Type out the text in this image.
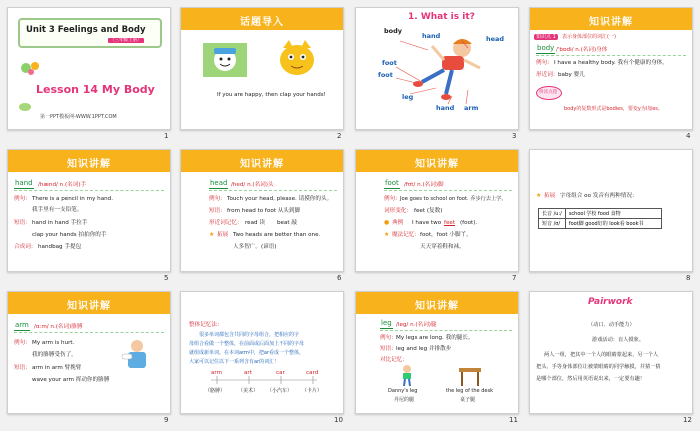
Unit 3 Feelings and Body
（三年级上册）
Lesson 14 My Body
第一PPT模板网-WWW.1PPT.COM
1
话题导入
If you are happy, then clap your hands!
2
1. What is it?
body
hand	head
foot
foot
leg
hand arm
3
知识讲解
知识点 1	表示身体部位的词汇(一)
body /'bɒdi/ n.(名词)身体
例句： I have a healthy body. 我有个健康的身体。
形近词： baby 婴儿
拼读点拨
body的复数形式是bodies，要变y为i加es。
4
知识讲解
hand /hænd/ n.(名词)手
例句： There is a pencil in my hand.
我手里有一支铅笔。
短语： hand in hand 手拉手
clap your hands 拍拍你的手
合成词： handbag 手提包
5
知识讲解
head /hed/ n.(名词)头
例句： Touch your head, please. 请摸你的头。
短语： from head to foot 从头到脚
形近词记忆： read 读 beat 敲
★ 拓展 Two heads are better than one.
人多智广。(谚语)
6
知识讲解
foot /fʊt/ n.(名词)脚
例句： Joe goes to school on foot. 乔步行去上学。
词形变化： feet (复数)
● 典例 I have two feet (foot).
★ 魔法记忆： foot，foot 小脚丫，
天天穿着鞋和袜。
7
★ 拓展 字母组合 oo 发音有两种情况：
长音 /u:/	school 学校 food 食物
短音 /ʊ/	foot脚 good好的 look看 book书
8
知识讲解
arm /ɑːm/ n.(名词)胳膊
例句： My arm is hurt.
我的胳膊受伤了。
短语： arm in arm 臂挽臂
wave your arm 挥动你的胳膊
9
整体记忆法：
很多单词都包含共同的字母组合，把相应的字
母组合看做一个整体，在前面或后面加上不同的字母
就组成新单词。在本词arm中，把ar看成一个整体，
大家可以记住以下一系列含有ar的词汇！
arm	art	car	card
（胳膊）	（美术） （小汽车） （卡片）
10
知识讲解
leg /leg/ n.(名词)腿
例句： My legs are long. 我的腿长。
短语： leg and leg 并排散步
对比记忆：
Danny's leg	the leg of the desk
丹尼的腿	桌子腿
11
Pairwork
（动口、动手能力）
游戏活动：盲人摸象。
两人一组，把其中一个人的眼睛蒙起来，另一个人
把头、手等身体部位让被蒙眼睛的同学触摸，并猜一猜
是哪个部位，然后用英语说出来，一定要有趣！
12
